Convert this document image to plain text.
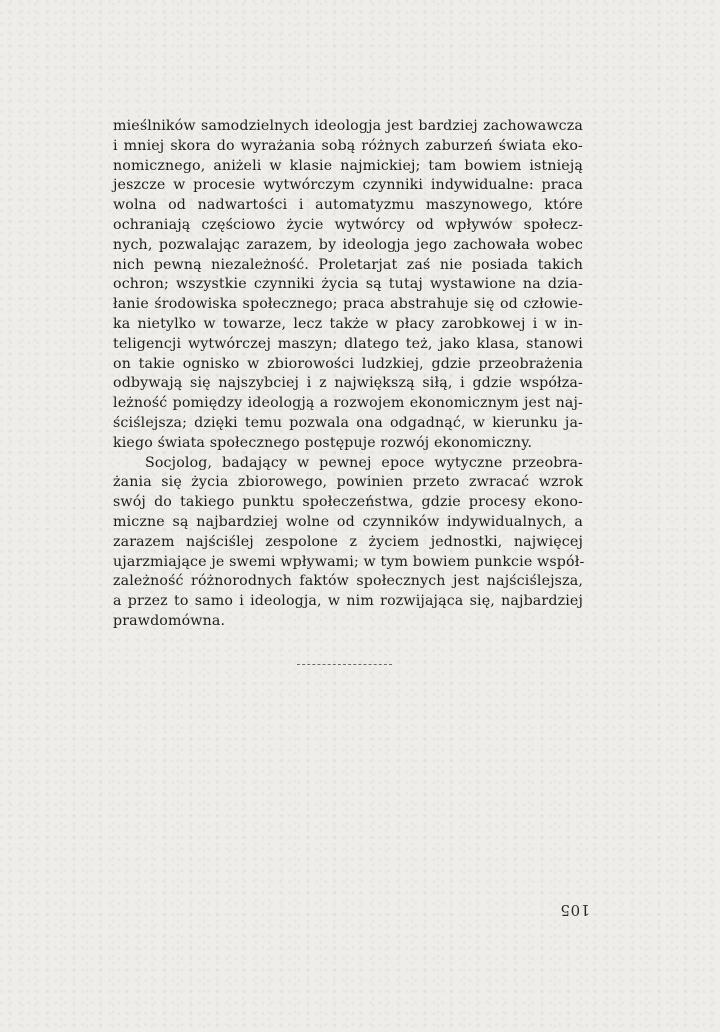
mieślników samodzielnych ideologja jest bardziej zachowawcza
i mniej skora do wyrażania sobą różnych zaburzeń świata eko-
nomicznego, aniżeli w klasie najmickiej; tam bowiem istnieją
jeszcze w procesie wytwórczym czynniki indywidualne: praca
wolna od nadwartości i automatyzmu maszynowego, które
ochraniają częściowo życie wytwórcy od wpływów społecz-
nych, pozwalając zarazem, by ideologja jego zachowała wobec
nich pewną niezależność. Proletarjat zaś nie posiada takich
ochron; wszystkie czynniki życia są tutaj wystawione na dzia-
łanie środowiska społecznego; praca abstrahuje się od człowie-
ka nietylko w towarze, lecz także w płacy zarobkowej i w in-
teligencji wytwórczej maszyn; dlatego też, jako klasa, stanowi
on takie ognisko w zbiorowości ludzkiej, gdzie przeobrażenia
odbywają się najszybciej i z największą siłą, i gdzie współza-
leżność pomiędzy ideologją a rozwojem ekonomicznym jest naj-
ściślejsza; dzięki temu pozwala ona odgadnąć, w kierunku ja-
kiego świata społecznego postępuje rozwój ekonomiczny.
Socjolog, badający w pewnej epoce wytyczne przeobra-
żania się życia zbiorowego, powinien przeto zwracać wzrok
swój do takiego punktu społeczeństwa, gdzie procesy ekono-
miczne są najbardziej wolne od czynników indywidualnych, a
zarazem najściślej zespolone z życiem jednostki, najwięcej
ujarzmiające je swemi wpływami; w tym bowiem punkcie współ-
zależność różnorodnych faktów społecznych jest najściślejsza,
a przez to samo i ideologja, w nim rozwijająca się, najbardziej
prawdomówna.
105
